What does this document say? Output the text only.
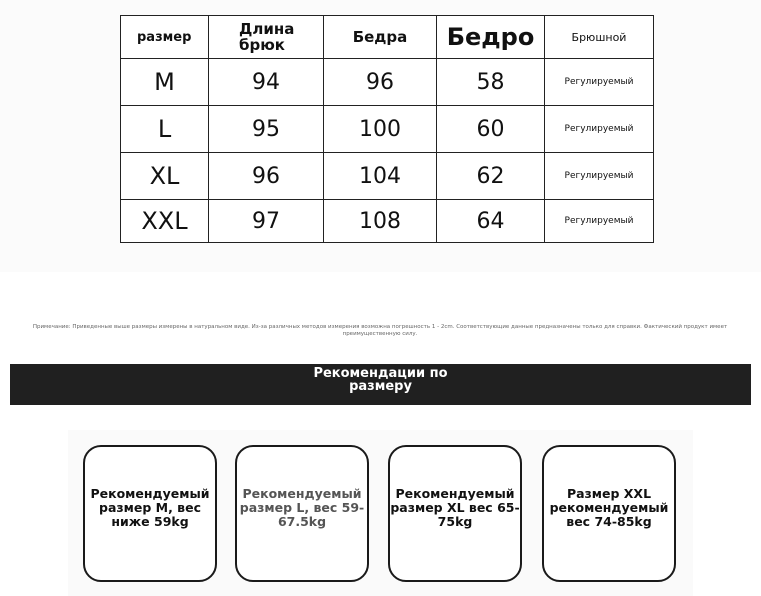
размер	Длина брюк	Бедра	Бедро	Брюшной
M	94	96	58	Регулируемый
L	95	100	60	Регулируемый
XL	96	104	62	Регулируемый
XXL	97	108	64	Регулируемый
Примечание: Приведенные выше размеры измерены в натуральном виде. Из-за различных методов измерения возможна погрешность 1 - 2cm. Соответствующие данные предназначены только для справки. Фактический продукт имеет преимущественную силу.
Рекомендации по размеру
Рекомендуемый размер M, вес ниже 59kg
Рекомендуемый размер L, вес 59-67.5kg
Рекомендуемый размер XL вес 65-75kg
Размер XXL рекомендуемый вес 74-85kg
